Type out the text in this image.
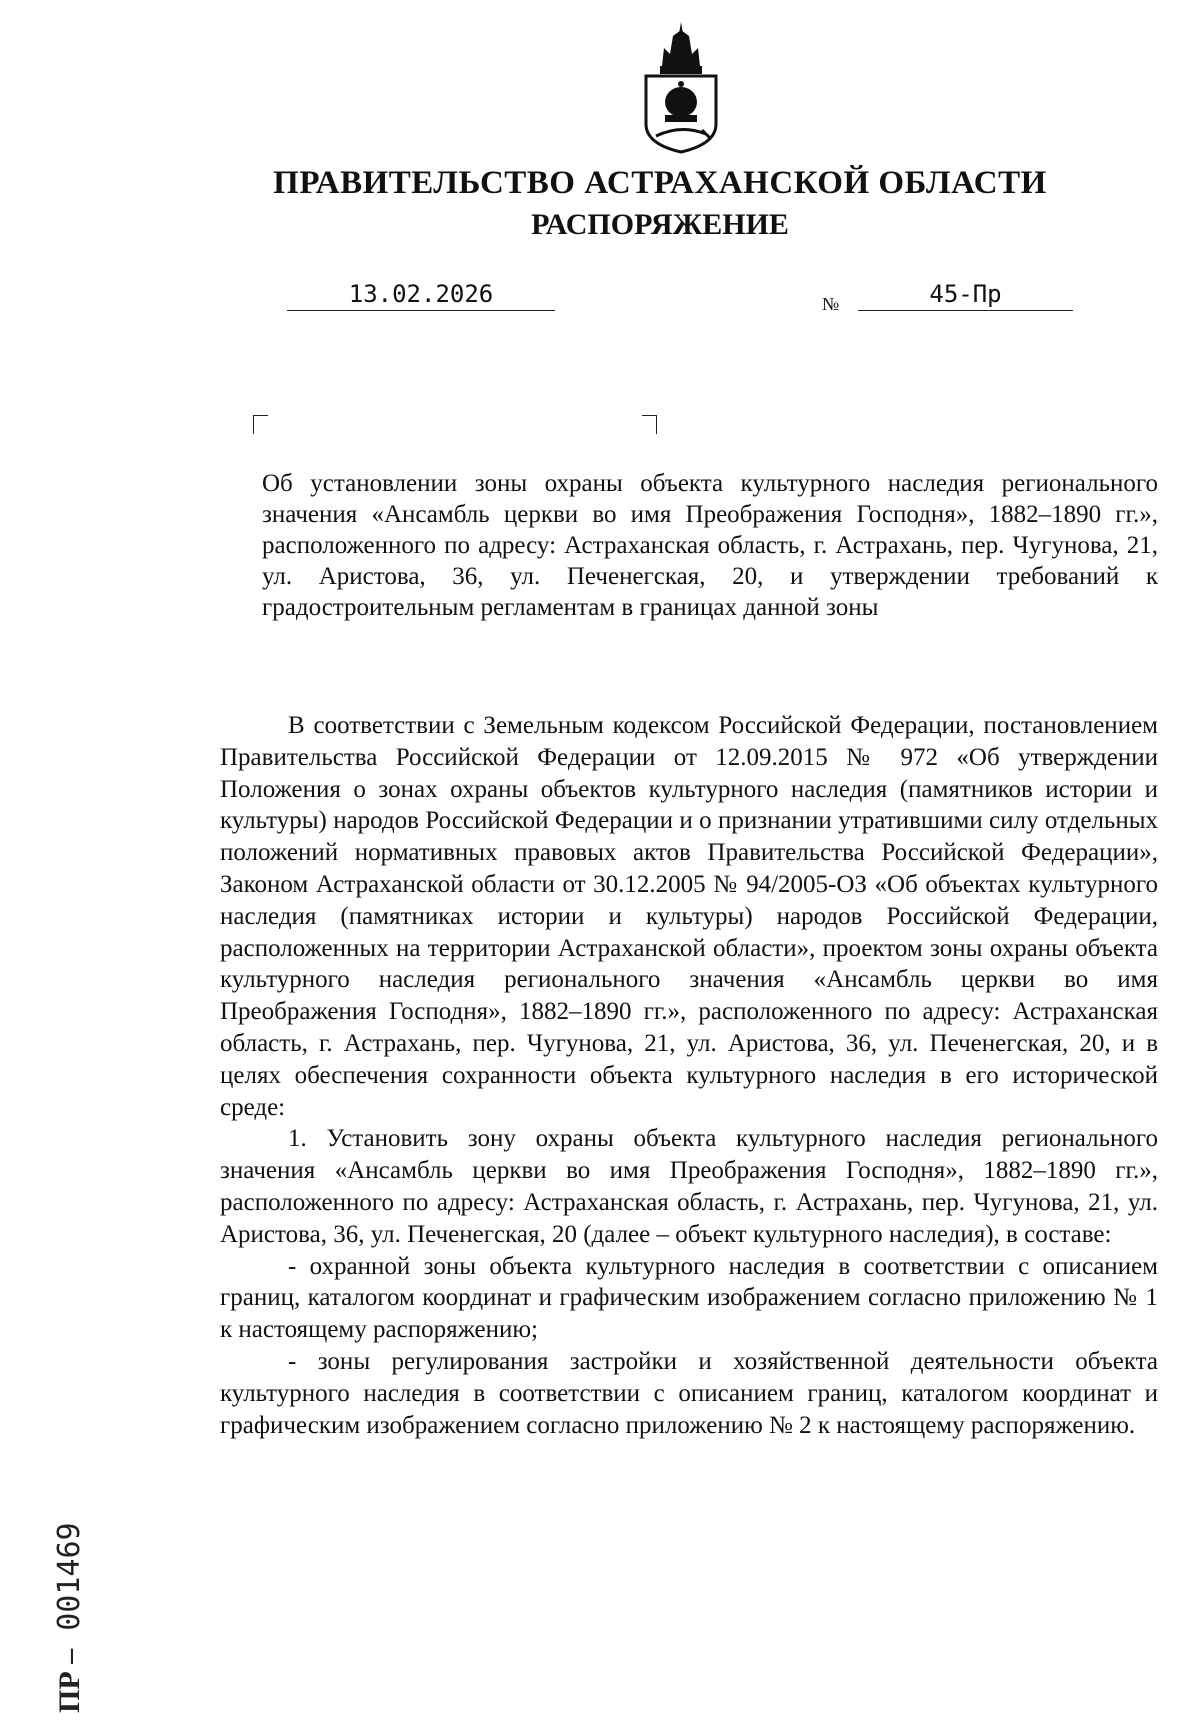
ПРАВИТЕЛЬСТВО АСТРАХАНСКОЙ ОБЛАСТИ
РАСПОРЯЖЕНИЕ
13.02.2026	№	45-Пр
Об установлении зоны охраны объекта культурного наследия регионального значения «Ансамбль церкви во имя Преображения Господня», 1882–1890 гг.», расположенного по адресу: Астраханская область, г. Астрахань, пер. Чугунова, 21, ул. Аристова, 36, ул. Печенегская, 20, и утверждении требований к градостроительным регламентам в границах данной зоны

В соответствии с Земельным кодексом Российской Федерации, постановлением Правительства Российской Федерации от 12.09.2015 № 972 «Об утверждении Положения о зонах охраны объектов культурного наследия (памятников истории и культуры) народов Российской Федерации и о признании утратившими силу отдельных положений нормативных правовых актов Правительства Российской Федерации», Законом Астраханской области от 30.12.2005 № 94/2005-ОЗ «Об объектах культурного наследия (памятниках истории и культуры) народов Российской Федерации, расположенных на территории Астраханской области», проектом зоны охраны объекта культурного наследия регионального значения «Ансамбль церкви во имя Преображения Господня», 1882–1890 гг.», расположенного по адресу: Астраханская область, г. Астрахань, пер. Чугунова, 21, ул. Аристова, 36, ул. Печенегская, 20, и в целях обеспечения сохранности объекта культурного наследия в его исторической среде:

1. Установить зону охраны объекта культурного наследия регионального значения «Ансамбль церкви во имя Преображения Господня», 1882–1890 гг.», расположенного по адресу: Астраханская область, г. Астрахань, пер. Чугунова, 21, ул. Аристова, 36, ул. Печенегская, 20 (далее – объект культурного наследия), в составе:

- охранной зоны объекта культурного наследия в соответствии с описанием границ, каталогом координат и графическим изображением согласно приложению № 1 к настоящему распоряжению;

- зоны регулирования застройки и хозяйственной деятельности объекта культурного наследия в соответствии с описанием границ, каталогом координат и графическим изображением согласно приложению № 2 к настоящему распоряжению.

ПР – 001469
